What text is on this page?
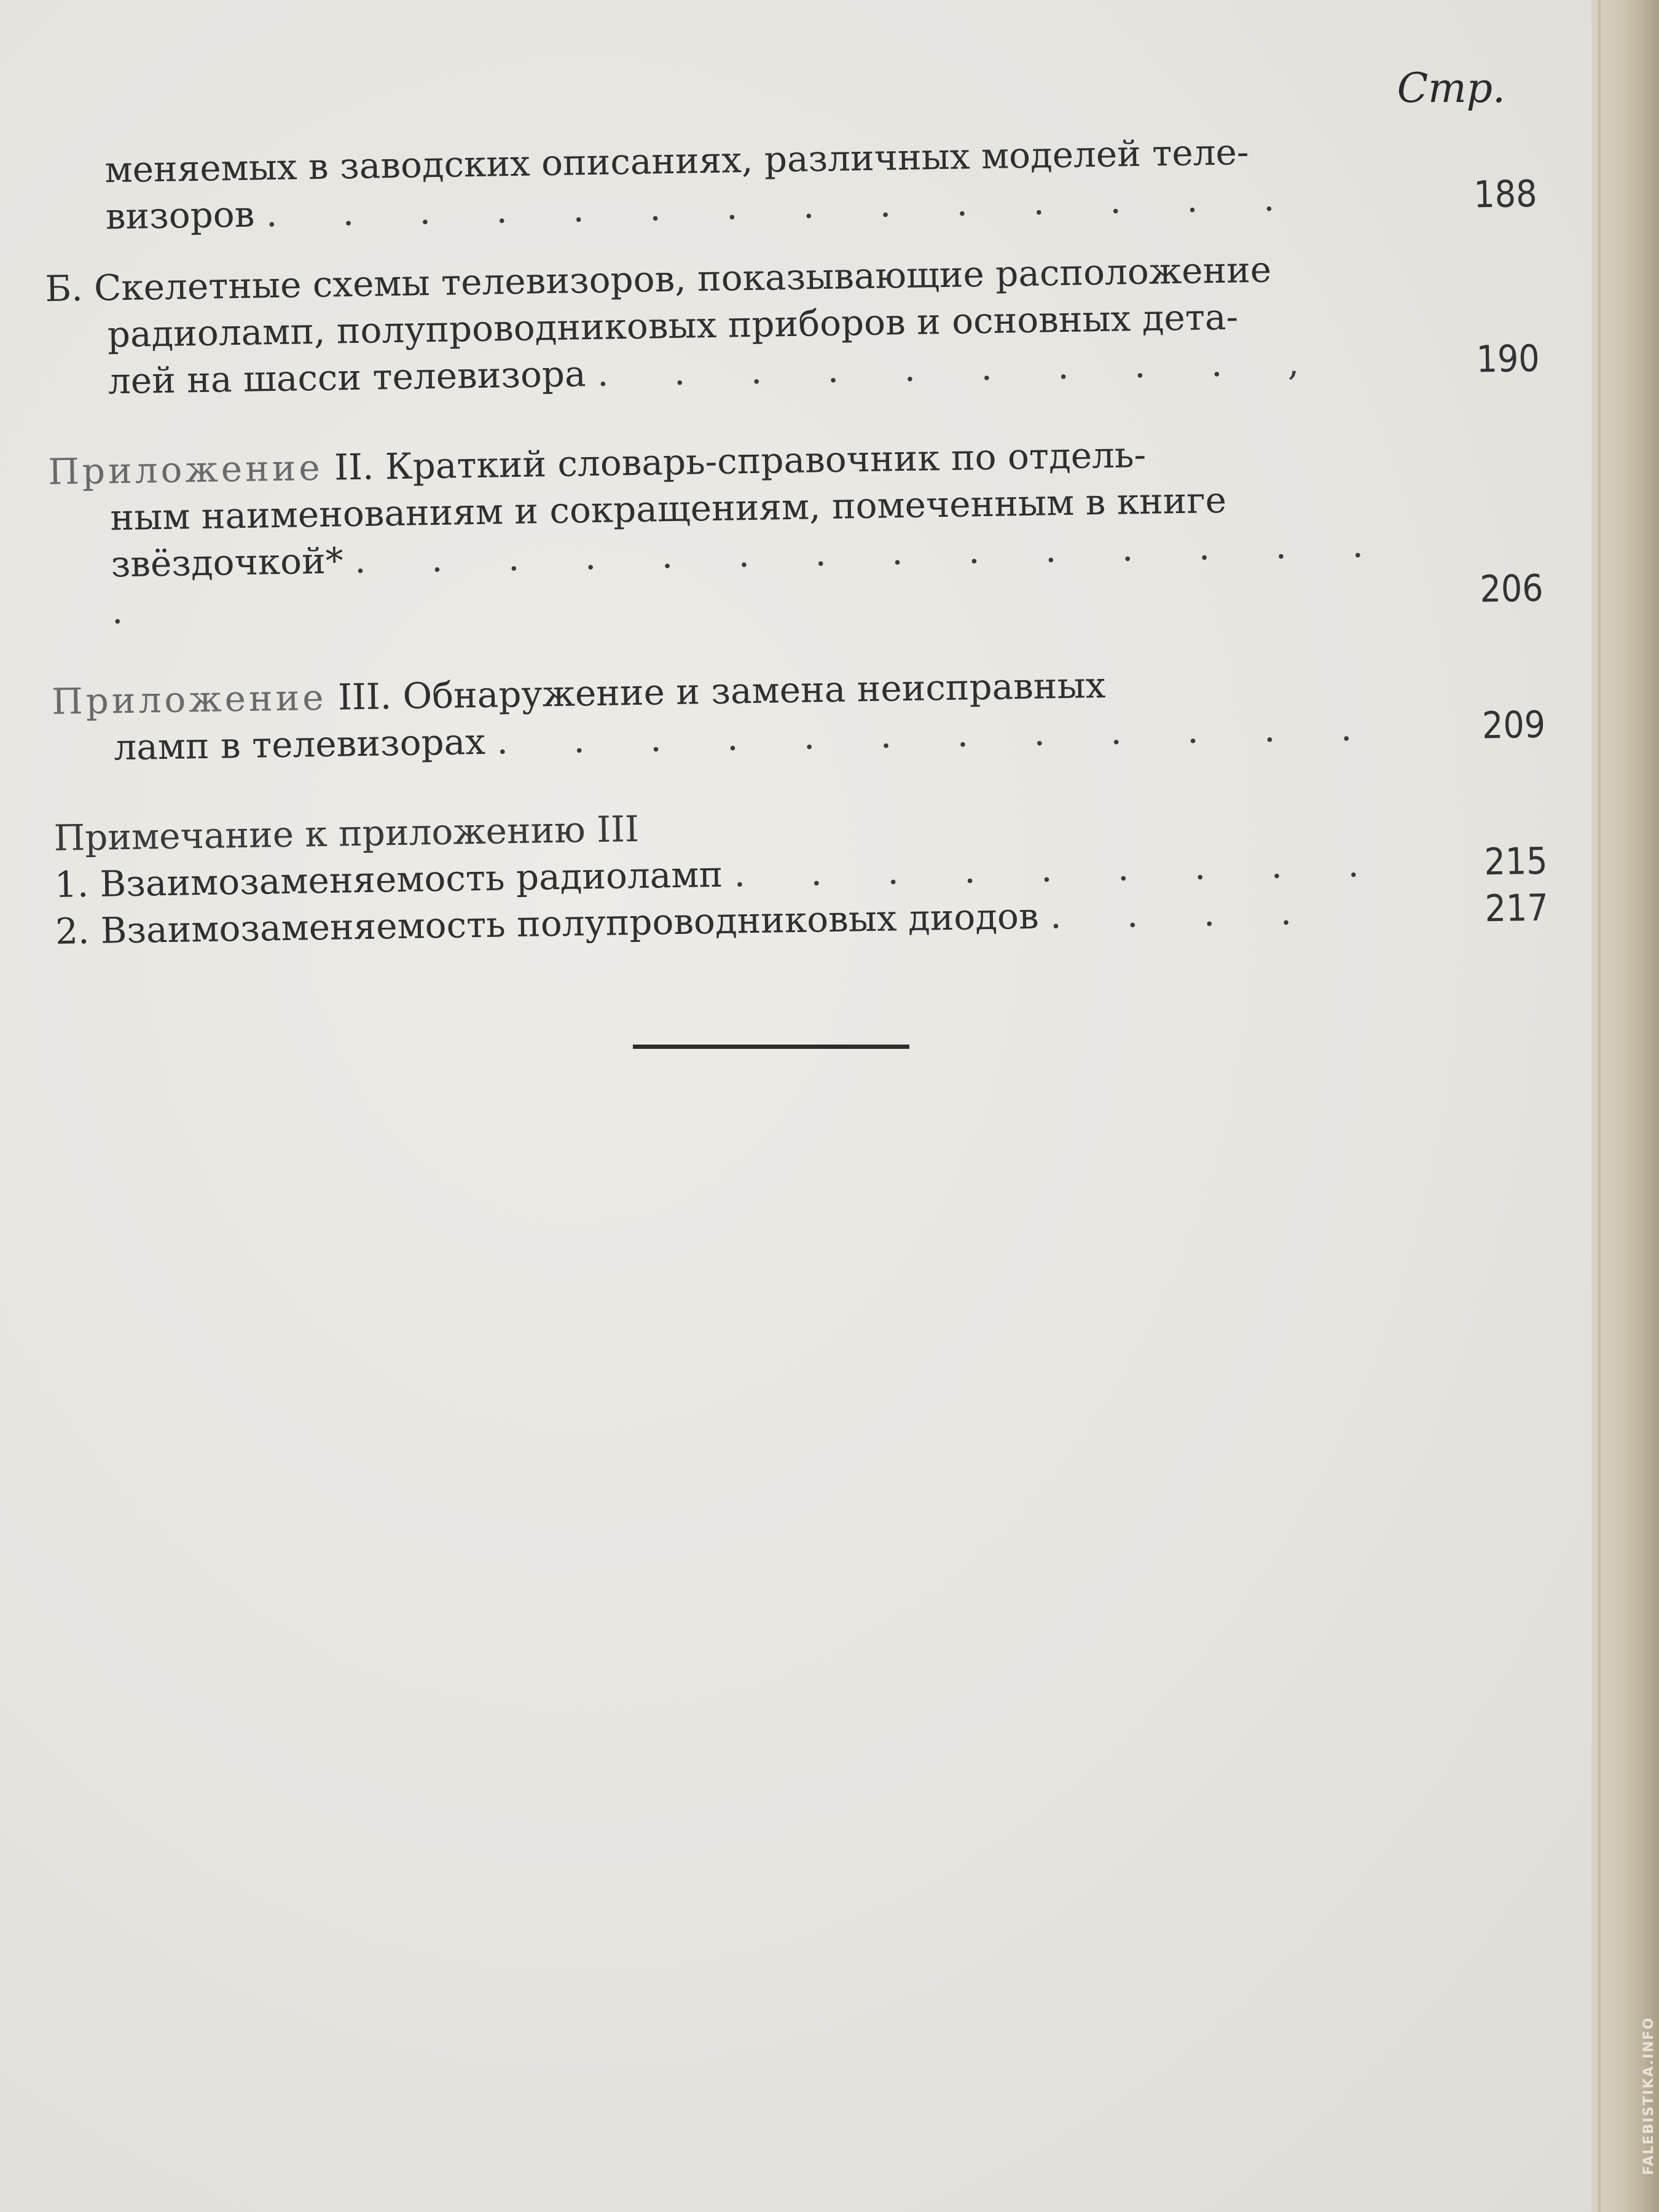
FALEBISTIKA.INFO
Стр.
меняемых в заводских описаниях, различных моделей теле-
визоров . . . . . . . . . . . . . .	188
Б. Скелетные схемы телевизоров, показывающие расположение
радиоламп, полупроводниковых приборов и основных дета-
лей на шасси телевизора . . . . . . . . . ,	190
Приложение II. Краткий словарь-справочник по отдель-
ным наименованиям и сокращениям, помеченным в книге
звёздочкой* . . . . . . . . . . . . . . .	206
Приложение III. Обнаружение и замена неисправных
ламп в телевизорах . . . . . . . . . . . .	209
Примечание к приложению III
1. Взаимозаменяемость радиоламп . . . . . . . . .	215
2. Взаимозаменяемость полупроводниковых диодов . . . .	217
